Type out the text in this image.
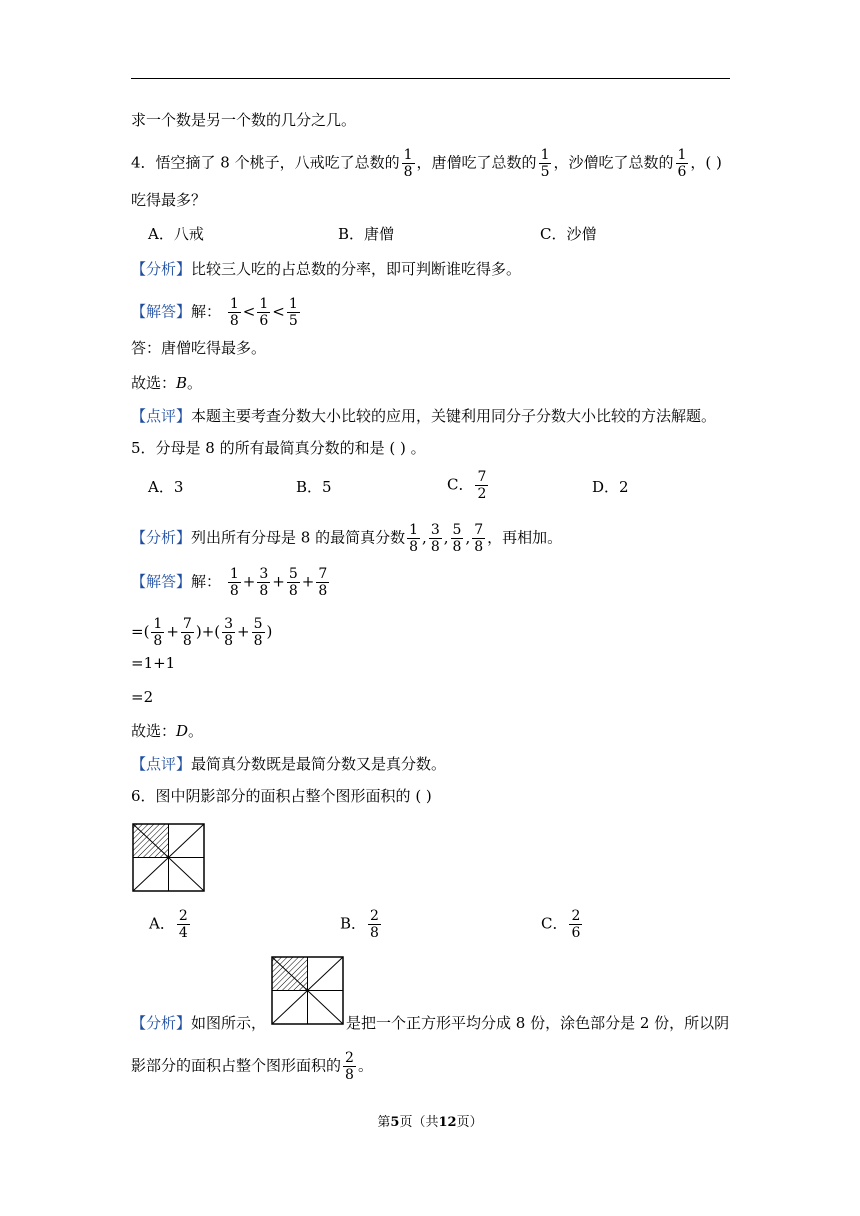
求一个数是另一个数的几分之几。
4．悟空摘了 8 个桃子，八戒吃了总数的 $\frac{1}{8}$ ，唐僧吃了总数的 $\frac{1}{5}$ ，沙僧吃了总数的 $\frac{1}{6}$ ，( )
吃得最多？
A．八戒	B．唐僧	C．沙僧
【分析】比较三人吃的占总数的分率，即可判断谁吃得多。
【解答】解： $\frac{1}{8} < \frac{1}{6} < \frac{1}{5}$
答：唐僧吃得最多。
故选：B。
【点评】本题主要考查分数大小比较的应用，关键利用同分子分数大小比较的方法解题。
5．分母是 8 的所有最简真分数的和是 ( ) 。
A．3	B．5	C． $\frac{7}{2}$	D．2
【分析】列出所有分母是 8 的最简真分数 $\frac{1}{8}$ , $\frac{3}{8}$ , $\frac{5}{8}$ , $\frac{7}{8}$ ，再相加。
【解答】解： $\frac{1}{8} + \frac{3}{8} + \frac{5}{8} + \frac{7}{8}$
=( $\frac{1}{8} + \frac{7}{8}$ )+( $\frac{3}{8} + \frac{5}{8}$ )
=1+1
=2
故选：D。
【点评】最简真分数既是最简分数又是真分数。
6．图中阴影部分的面积占整个图形面积的 ( )
A． $\frac{2}{4}$	B． $\frac{2}{8}$	C． $\frac{2}{6}$
【分析】如图所示，	是把一个正方形平均分成 8 份，涂色部分是 2 份，所以阴
影部分的面积占整个图形面积的 $\frac{2}{8}$ 。
第5页（共12页）
